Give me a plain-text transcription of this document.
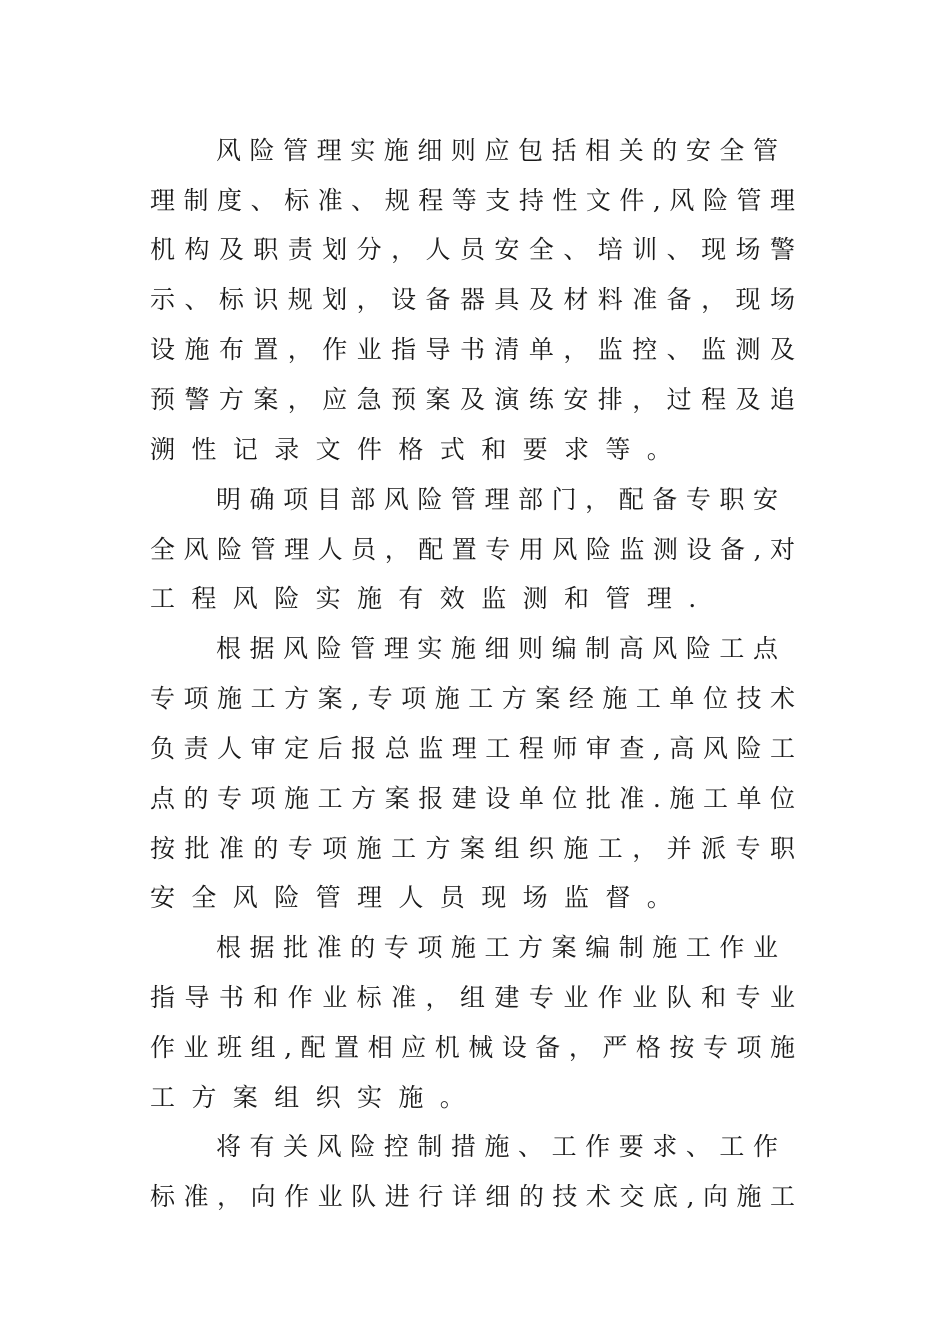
风险管理实施细则应包括相关的安全管
理制度、标准、规程等支持性文件,风险管理
机构及职责划分，人员安全、培训、现场警
示、标识规划，设备器具及材料准备，现场
设施布置，作业指导书清单，监控、监测及
预警方案，应急预案及演练安排，过程及追
溯性记录文件格式和要求等。
明确项目部风险管理部门，配备专职安
全风险管理人员，配置专用风险监测设备,对
工程风险实施有效监测和管理.
根据风险管理实施细则编制高风险工点
专项施工方案,专项施工方案经施工单位技术
负责人审定后报总监理工程师审查,高风险工
点的专项施工方案报建设单位批准.施工单位
按批准的专项施工方案组织施工，并派专职
安全风险管理人员现场监督。
根据批准的专项施工方案编制施工作业
指导书和作业标准，组建专业作业队和专业
作业班组,配置相应机械设备，严格按专项施
工方案组织实施。
将有关风险控制措施、工作要求、工作
标准，向作业队进行详细的技术交底,向施工
